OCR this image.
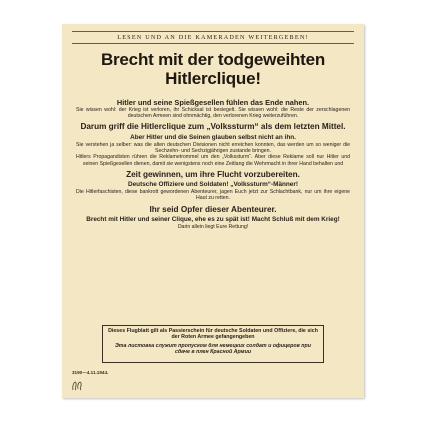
LESEN UND AN DIE KAMERADEN WEITERGEBEN!
Brecht mit der todgeweihten
Hitlerclique!

Hitler und seine Spießgesellen fühlen das Ende nahen.

Sie wissen wohl: der Krieg ist verloren, ihr Schicksal ist besiegelt. Sie wissen wohl: die Reste der zerschlagenen deutschen Armeen sind ohnmächtig, den verlorenen Krieg weiterzuführen.

Darum griff die Hitlerclique zum „Volkssturm“ als dem letzten Mittel.

Aber Hitler und die Seinen glauben selbst nicht an ihn.

Sie verstehen ja selber: was die alten deutschen Divisionen nicht erreichen konnten, das werden um so weniger die Sechzehn- und Sechzigjährigen zustande bringen.

Hitlers Propagandisten rühren die Reklametrommel um den „Volkssturm“. Aber diese Reklame soll nur Hitler und seinen Spießgesellen dienen, damit sie wenigstens noch eine Zeitlang die Wehrmacht in ihrer Hand behalten und

Zeit gewinnen, um ihre Flucht vorzubereiten.

Deutsche Offiziere und Soldaten! „Volkssturm“-Männer!

Die Hitlerfaschisten, diese bankrott gewordenen Abenteurer, jagen Euch jetzt zur Schlachtbank, nur um ihre eigene Haut zu retten.

Ihr seid Opfer dieser Abenteurer.

Brecht mit Hitler und seiner Clique, ehe es zu spät ist! Macht Schluß mit dem Krieg!

Darin allein liegt Eure Rettung!

Dieses Flugblatt gilt als Passierschein für deutsche Soldaten und Offiziere, die sich der Roten Armee gefangengeben
Эта листовка служит пропуском для немецких солдат и офицеров при сдаче в плен Красной Армии
3190—4.11.1944.
